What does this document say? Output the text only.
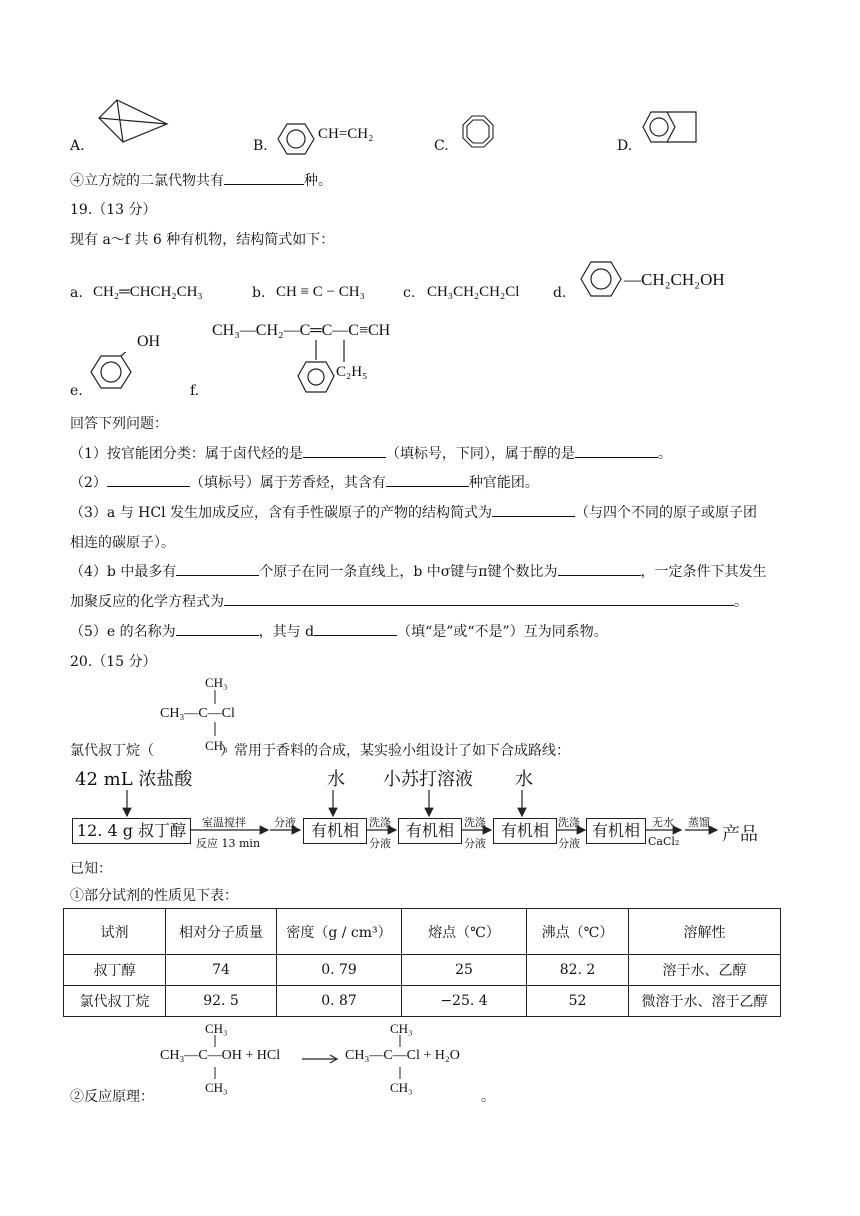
A.
CH=CH₂
B.	C.	D.
④立方烷的二氯代物共有	种。
19.（13 分）
现有 a～f 共 6 种有机物，结构简式如下：
a. CH₂═CHCH₂CH₃	b. CH ≡ C − CH₃	c. CH₃CH₂CH₂Cl d.
—CH₂CH₂OH
e.
OH
f.
CH₃—CH₂—C═C—C≡CH
C₂H₅
回答下列问题：
（1）按官能团分类：属于卤代烃的是	（填标号，下同），属于醇的是	。
（2）	（填标号）属于芳香烃，其含有	种官能团。
（3）a 与 HCl 发生加成反应，含有手性碳原子的产物的结构简式为	（与四个不同的原子或原子团
相连的碳原子）。
（4）b 中最多有	个原子在同一条直线上，b 中σ键与π键个数比为	，一定条件下其发生
加聚反应的化学方程式为	。
（5）e 的名称为	，其与 d	（填“是”或“不是”）互为同系物。
20.（15 分）
CH₃
CH₃—C—Cl
氯代叔丁烷（	）常用于香料的合成，某实验小组设计了如下合成路线：
CH₃
42 mL 浓盐酸	水 小苏打溶液 水
12. 4 g 叔丁醇	室温搅拌
反应 13 min
分液 有机相 洗涤
分液
有机相 洗涤
分液
有机相 洗涤
分液
有机相	无水
CaCl₂
蒸馏
产品
已知：
①部分试剂的性质见下表：
试剂	相对分子质量	密度（g / cm³）	熔点（℃）	沸点（℃）	溶解性
叔丁醇	74	0. 79	25	82. 2	溶于水、乙醇
氯代叔丁烷	92. 5	0. 87	−25. 4	52	微溶于水、溶于乙醇
CH₃
CH₃—C—OH + HCl
CH₃
CH₃
CH₃—C—Cl + H₂O
CH₃
②反应原理：	。
